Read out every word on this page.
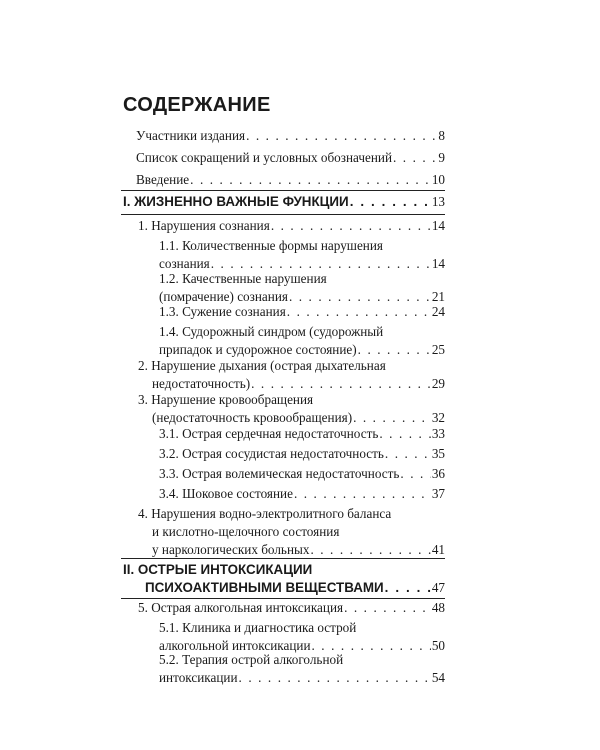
СОДЕРЖАНИЕ
Участники издания . . .	8
Список сокращений и условных обозначений . . .	9
Введение . . .	10
I. ЖИЗНЕННО ВАЖНЫЕ ФУНКЦИИ . . .	13
1. Нарушения сознания . . .	14
1.1. Количественные формы нарушения
сознания . . .	14
1.2. Качественные нарушения
(помрачение) сознания . . .	21
1.3. Сужение сознания . . .	24
1.4. Судорожный синдром (судорожный
припадок и судорожное состояние) . . .	25
2. Нарушение дыхания (острая дыхательная
недостаточность) . . .	29
3. Нарушение кровообращения
(недостаточность кровообращения) . . .	32
3.1. Острая сердечная недостаточность . . .	33
3.2. Острая сосудистая недостаточность . . .	35
3.3. Острая волемическая недостаточность . . . 36
3.4. Шоковое состояние . . .	37
4. Нарушения водно-электролитного баланса
и кислотно-щелочного состояния
у наркологических больных . . .	41
II. ОСТРЫЕ ИНТОКСИКАЦИИ
ПСИХОАКТИВНЫМИ ВЕЩЕСТВАМИ . . .	47
5. Острая алкогольная интоксикация . . .	48
5.1. Клиника и диагностика острой
алкогольной интоксикации . . .	50
5.2. Терапия острой алкогольной
интоксикации . . .	54
